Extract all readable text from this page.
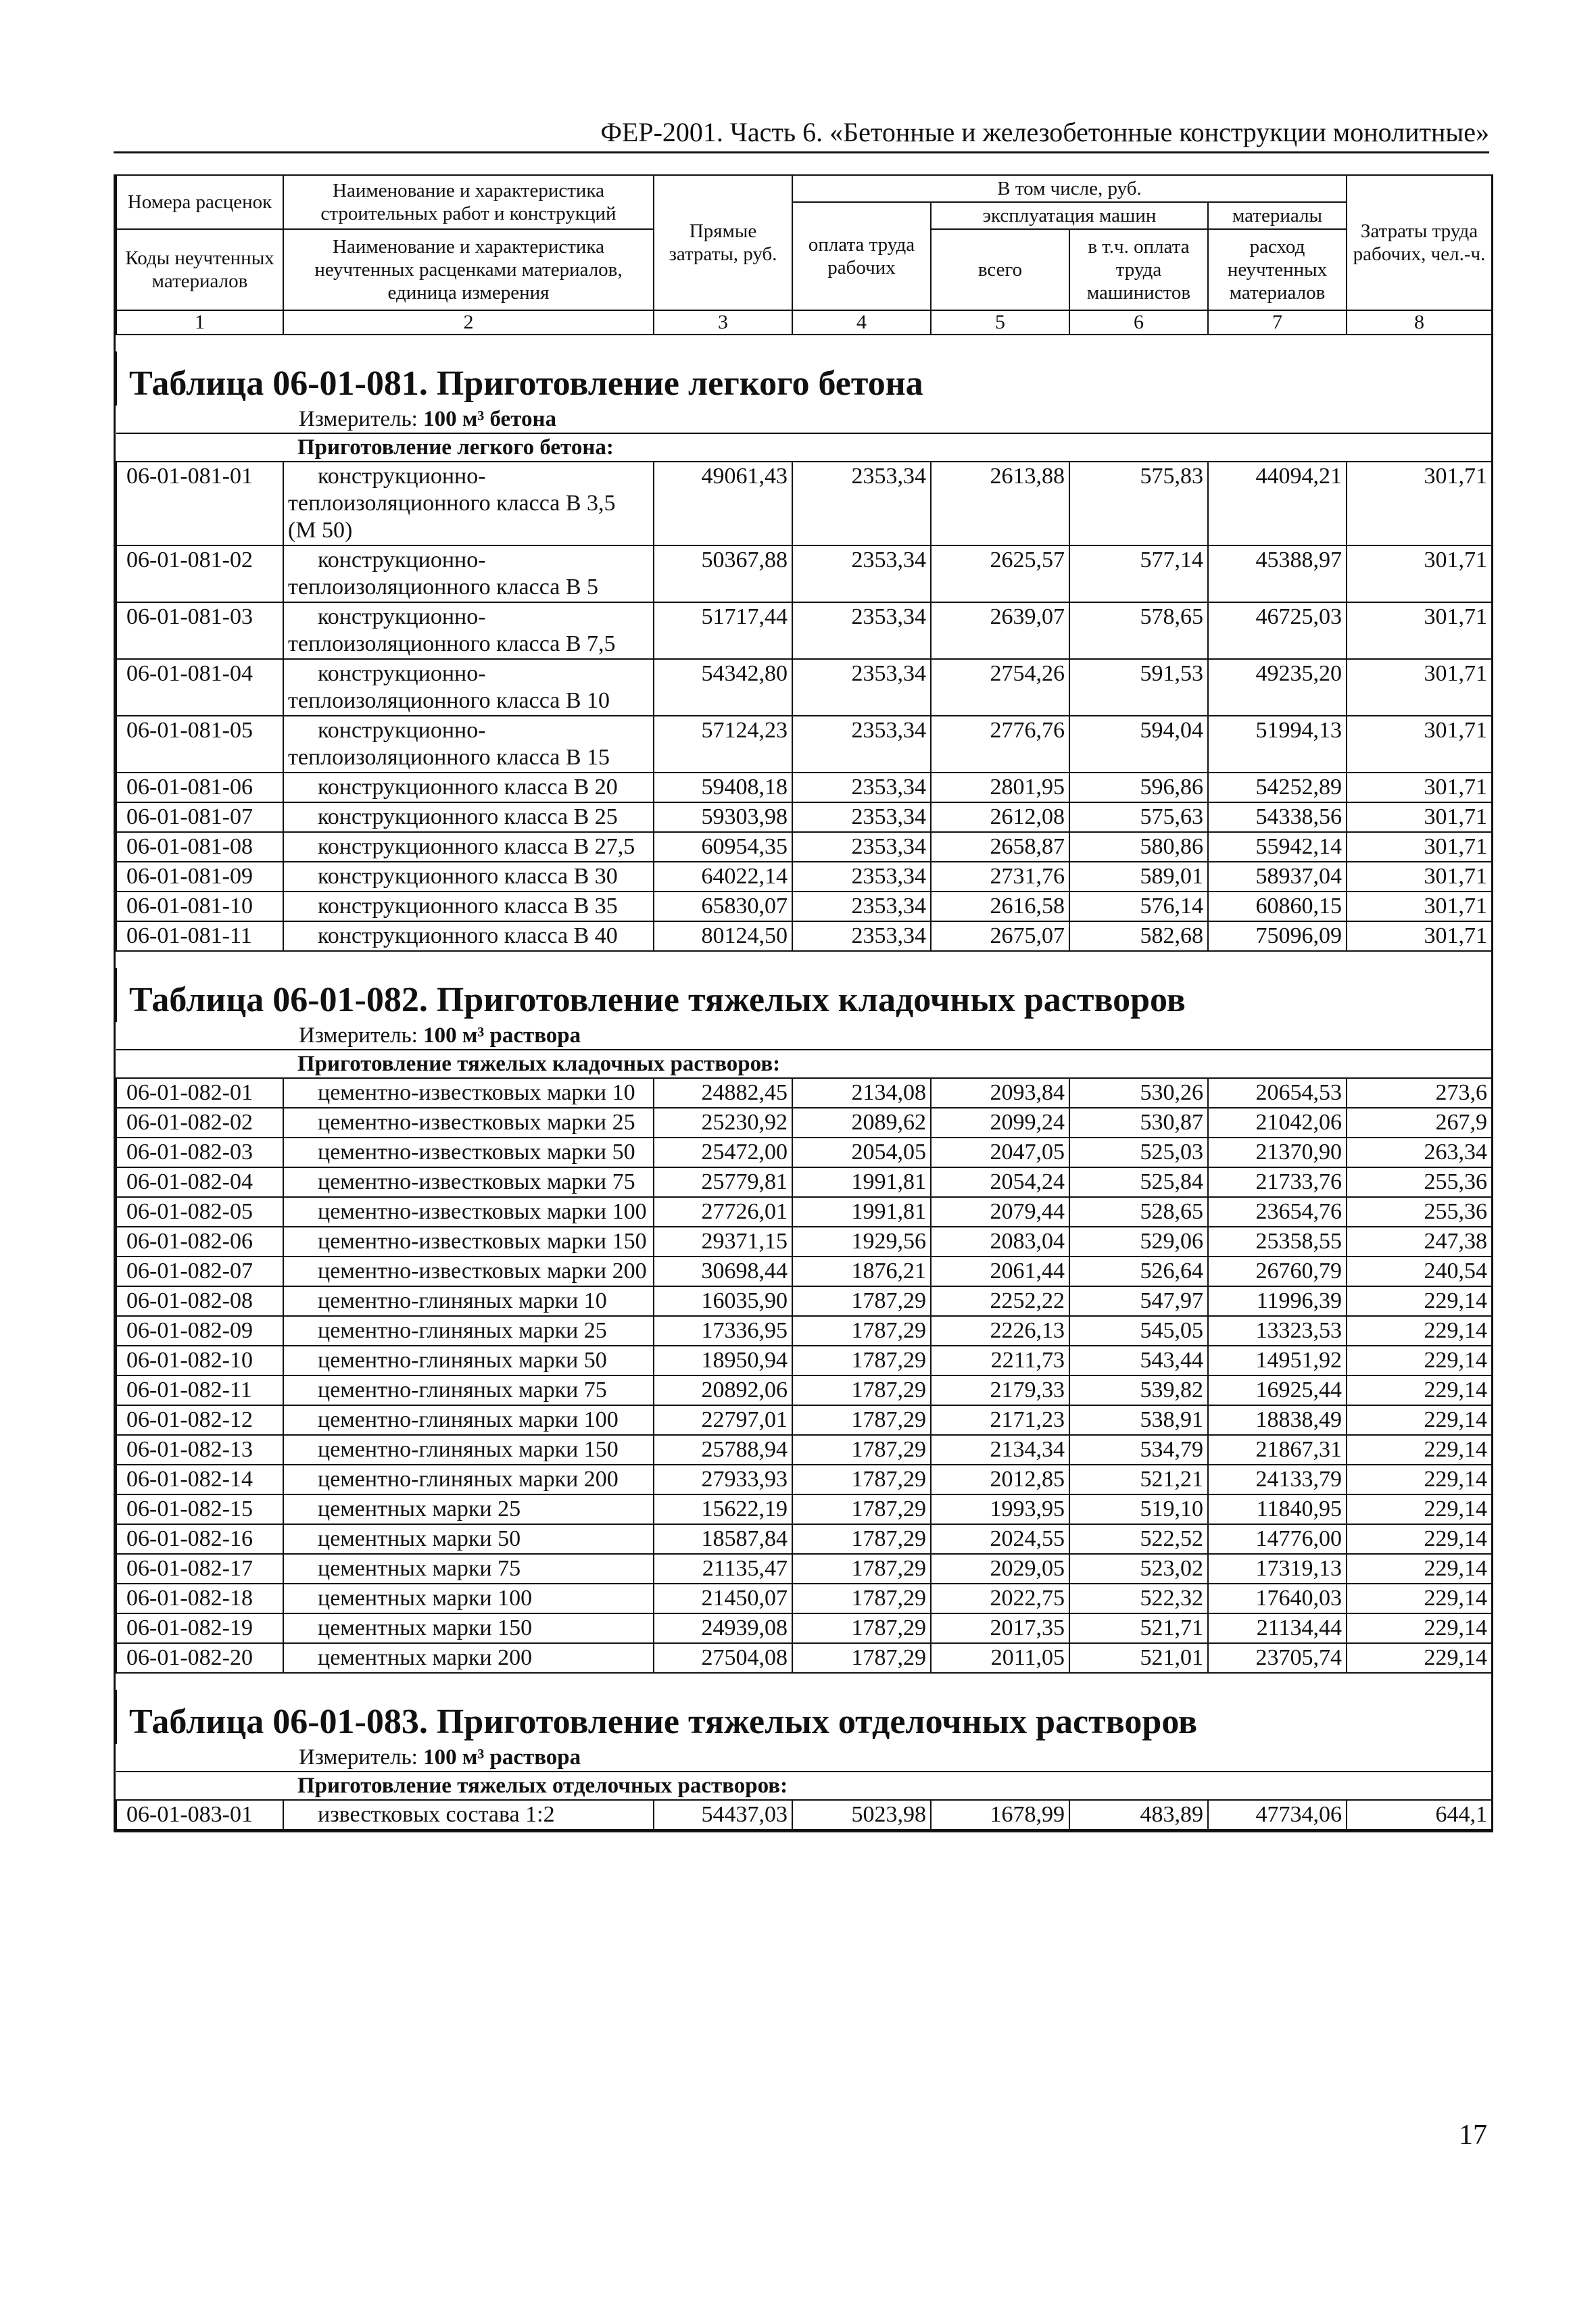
ФЕР-2001. Часть 6. «Бетонные и железобетонные конструкции монолитные»
Номера расценок	Наименование и характеристика строительных работ и конструкций	Прямые затраты, руб.	В том числе, руб.				Затраты труда рабочих, чел.-ч.
			оплата труда рабочих	эксплуатация машин		материалы	
Коды неучтенных материалов	Наименование и характеристика неучтенных расценками материалов, единица измерения			всего	в т.ч. оплата труда машинистов	расход неучтенных материалов	

1	2	3	4	5	6	7	8

Таблица 06-01-081. Приготовление легкого бетона							
Измеритель: 100 м³ бетона							
Приготовление легкого бетона:							
06-01-081-01	конструкционно-теплоизоляционного класса В 3,5 (М 50)	49061,43	2353,34	2613,88	575,83	44094,21	301,71
06-01-081-02	конструкционно-теплоизоляционного класса В 5	50367,88	2353,34	2625,57	577,14	45388,97	301,71
06-01-081-03	конструкционно-теплоизоляционного класса В 7,5	51717,44	2353,34	2639,07	578,65	46725,03	301,71
06-01-081-04	конструкционно-теплоизоляционного класса В 10	54342,80	2353,34	2754,26	591,53	49235,20	301,71
06-01-081-05	конструкционно-теплоизоляционного класса В 15	57124,23	2353,34	2776,76	594,04	51994,13	301,71
06-01-081-06	конструкционного класса В 20	59408,18	2353,34	2801,95	596,86	54252,89	301,71
06-01-081-07	конструкционного класса В 25	59303,98	2353,34	2612,08	575,63	54338,56	301,71
06-01-081-08	конструкционного класса В 27,5	60954,35	2353,34	2658,87	580,86	55942,14	301,71
06-01-081-09	конструкционного класса В 30	64022,14	2353,34	2731,76	589,01	58937,04	301,71
06-01-081-10	конструкционного класса В 35	65830,07	2353,34	2616,58	576,14	60860,15	301,71
06-01-081-11	конструкционного класса В 40	80124,50	2353,34	2675,07	582,68	75096,09	301,71

Таблица 06-01-082. Приготовление тяжелых кладочных растворов							
Измеритель: 100 м³ раствора							
Приготовление тяжелых кладочных растворов:							
06-01-082-01	цементно-известковых марки 10	24882,45	2134,08	2093,84	530,26	20654,53	273,6
06-01-082-02	цементно-известковых марки 25	25230,92	2089,62	2099,24	530,87	21042,06	267,9
06-01-082-03	цементно-известковых марки 50	25472,00	2054,05	2047,05	525,03	21370,90	263,34
06-01-082-04	цементно-известковых марки 75	25779,81	1991,81	2054,24	525,84	21733,76	255,36
06-01-082-05	цементно-известковых марки 100	27726,01	1991,81	2079,44	528,65	23654,76	255,36
06-01-082-06	цементно-известковых марки 150	29371,15	1929,56	2083,04	529,06	25358,55	247,38
06-01-082-07	цементно-известковых марки 200	30698,44	1876,21	2061,44	526,64	26760,79	240,54
06-01-082-08	цементно-глиняных марки 10	16035,90	1787,29	2252,22	547,97	11996,39	229,14
06-01-082-09	цементно-глиняных марки 25	17336,95	1787,29	2226,13	545,05	13323,53	229,14
06-01-082-10	цементно-глиняных марки 50	18950,94	1787,29	2211,73	543,44	14951,92	229,14
06-01-082-11	цементно-глиняных марки 75	20892,06	1787,29	2179,33	539,82	16925,44	229,14
06-01-082-12	цементно-глиняных марки 100	22797,01	1787,29	2171,23	538,91	18838,49	229,14
06-01-082-13	цементно-глиняных марки 150	25788,94	1787,29	2134,34	534,79	21867,31	229,14
06-01-082-14	цементно-глиняных марки 200	27933,93	1787,29	2012,85	521,21	24133,79	229,14
06-01-082-15	цементных марки 25	15622,19	1787,29	1993,95	519,10	11840,95	229,14
06-01-082-16	цементных марки 50	18587,84	1787,29	2024,55	522,52	14776,00	229,14
06-01-082-17	цементных марки 75	21135,47	1787,29	2029,05	523,02	17319,13	229,14
06-01-082-18	цементных марки 100	21450,07	1787,29	2022,75	522,32	17640,03	229,14
06-01-082-19	цементных марки 150	24939,08	1787,29	2017,35	521,71	21134,44	229,14
06-01-082-20	цементных марки 200	27504,08	1787,29	2011,05	521,01	23705,74	229,14

Таблица 06-01-083. Приготовление тяжелых отделочных растворов							
Измеритель: 100 м³ раствора							
Приготовление тяжелых отделочных растворов:							
06-01-083-01	известковых состава 1:2	54437,03	5023,98	1678,99	483,89	47734,06	644,1
17
